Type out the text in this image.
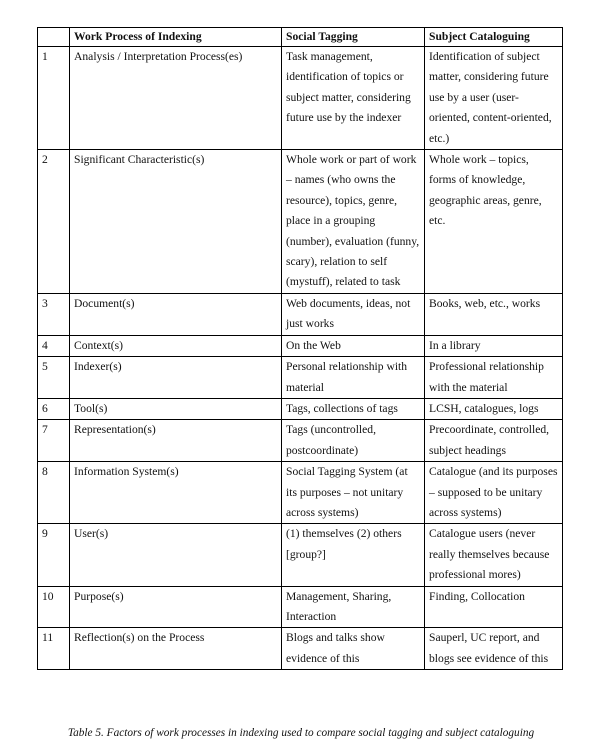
	Work Process of Indexing	Social Tagging	Subject Cataloguing
1	Analysis / Interpretation Process(es)	Task management, identification of topics or subject matter, considering future use by the indexer	Identification of subject matter, considering future use by a user (user-oriented, content-oriented, etc.)
2	Significant Characteristic(s)	Whole work or part of work – names (who owns the resource), topics, genre, place in a grouping (number), evaluation (funny, scary), relation to self (mystuff), related to task	Whole work – topics, forms of knowledge, geographic areas, genre, etc.
3	Document(s)	Web documents, ideas, not just works	Books, web, etc., works
4	Context(s)	On the Web	In a library
5	Indexer(s)	Personal relationship with material	Professional relationship with the material
6	Tool(s)	Tags, collections of tags	LCSH, catalogues, logs
7	Representation(s)	Tags (uncontrolled, postcoordinate)	Precoordinate, controlled, subject headings
8	Information System(s)	Social Tagging System (at its purposes – not unitary across systems)	Catalogue (and its purposes – supposed to be unitary across systems)
9	User(s)	(1) themselves (2) others [group?]	Catalogue users (never really themselves because professional mores)
10	Purpose(s)	Management, Sharing, Interaction	Finding, Collocation
11	Reflection(s) on the Process	Blogs and talks show evidence of this	Sauperl, UC report, and blogs see evidence of this
Table 5. Factors of work processes in indexing used to compare social tagging and subject cataloguing
